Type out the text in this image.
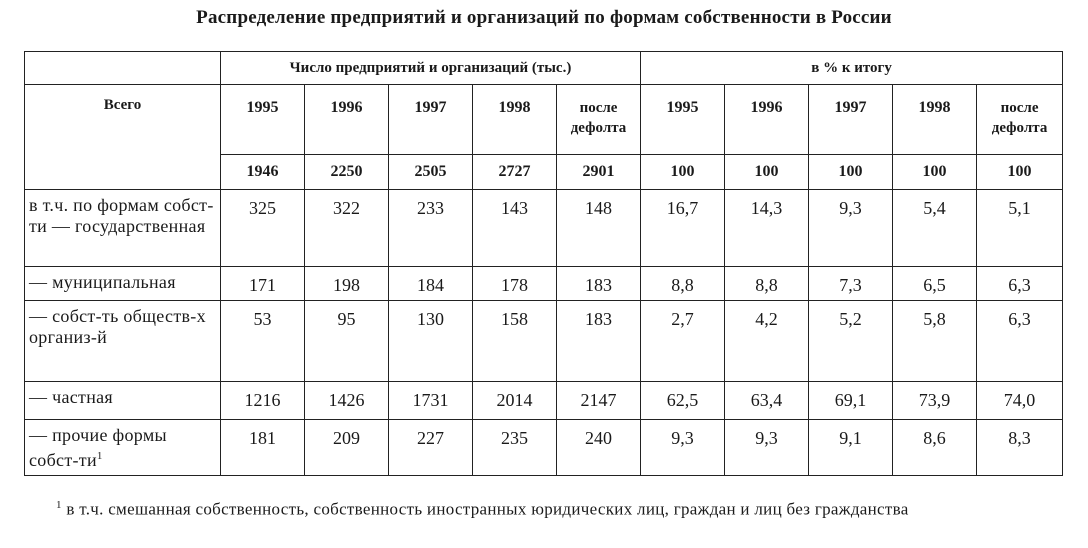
Распределение предприятий и организаций по формам собственности в России
	Число предприятий и организаций (тыс.)					в % к итогу				
Всего	1995	1996	1997	1998	после дефолта	1995	1996	1997	1998	после дефолта
	1946	2250	2505	2727	2901	100	100	100	100	100
в т.ч. по формам собст-ти — государственная	325	322	233	143	148	16,7	14,3	9,3	5,4	5,1
— муниципальная	171	198	184	178	183	8,8	8,8	7,3	6,5	6,3
— собст-ть обществ-х организ-й	53	95	130	158	183	2,7	4,2	5,2	5,8	6,3
— частная	1216	1426	1731	2014	2147	62,5	63,4	69,1	73,9	74,0
— прочие формы собст-$ти^1$	181	209	227	235	240	9,3	9,3	9,1	8,6	8,3
$^1$ в т.ч. смешанная собственность, собственность иностранных юридических лиц, граждан и лиц без гражданства
